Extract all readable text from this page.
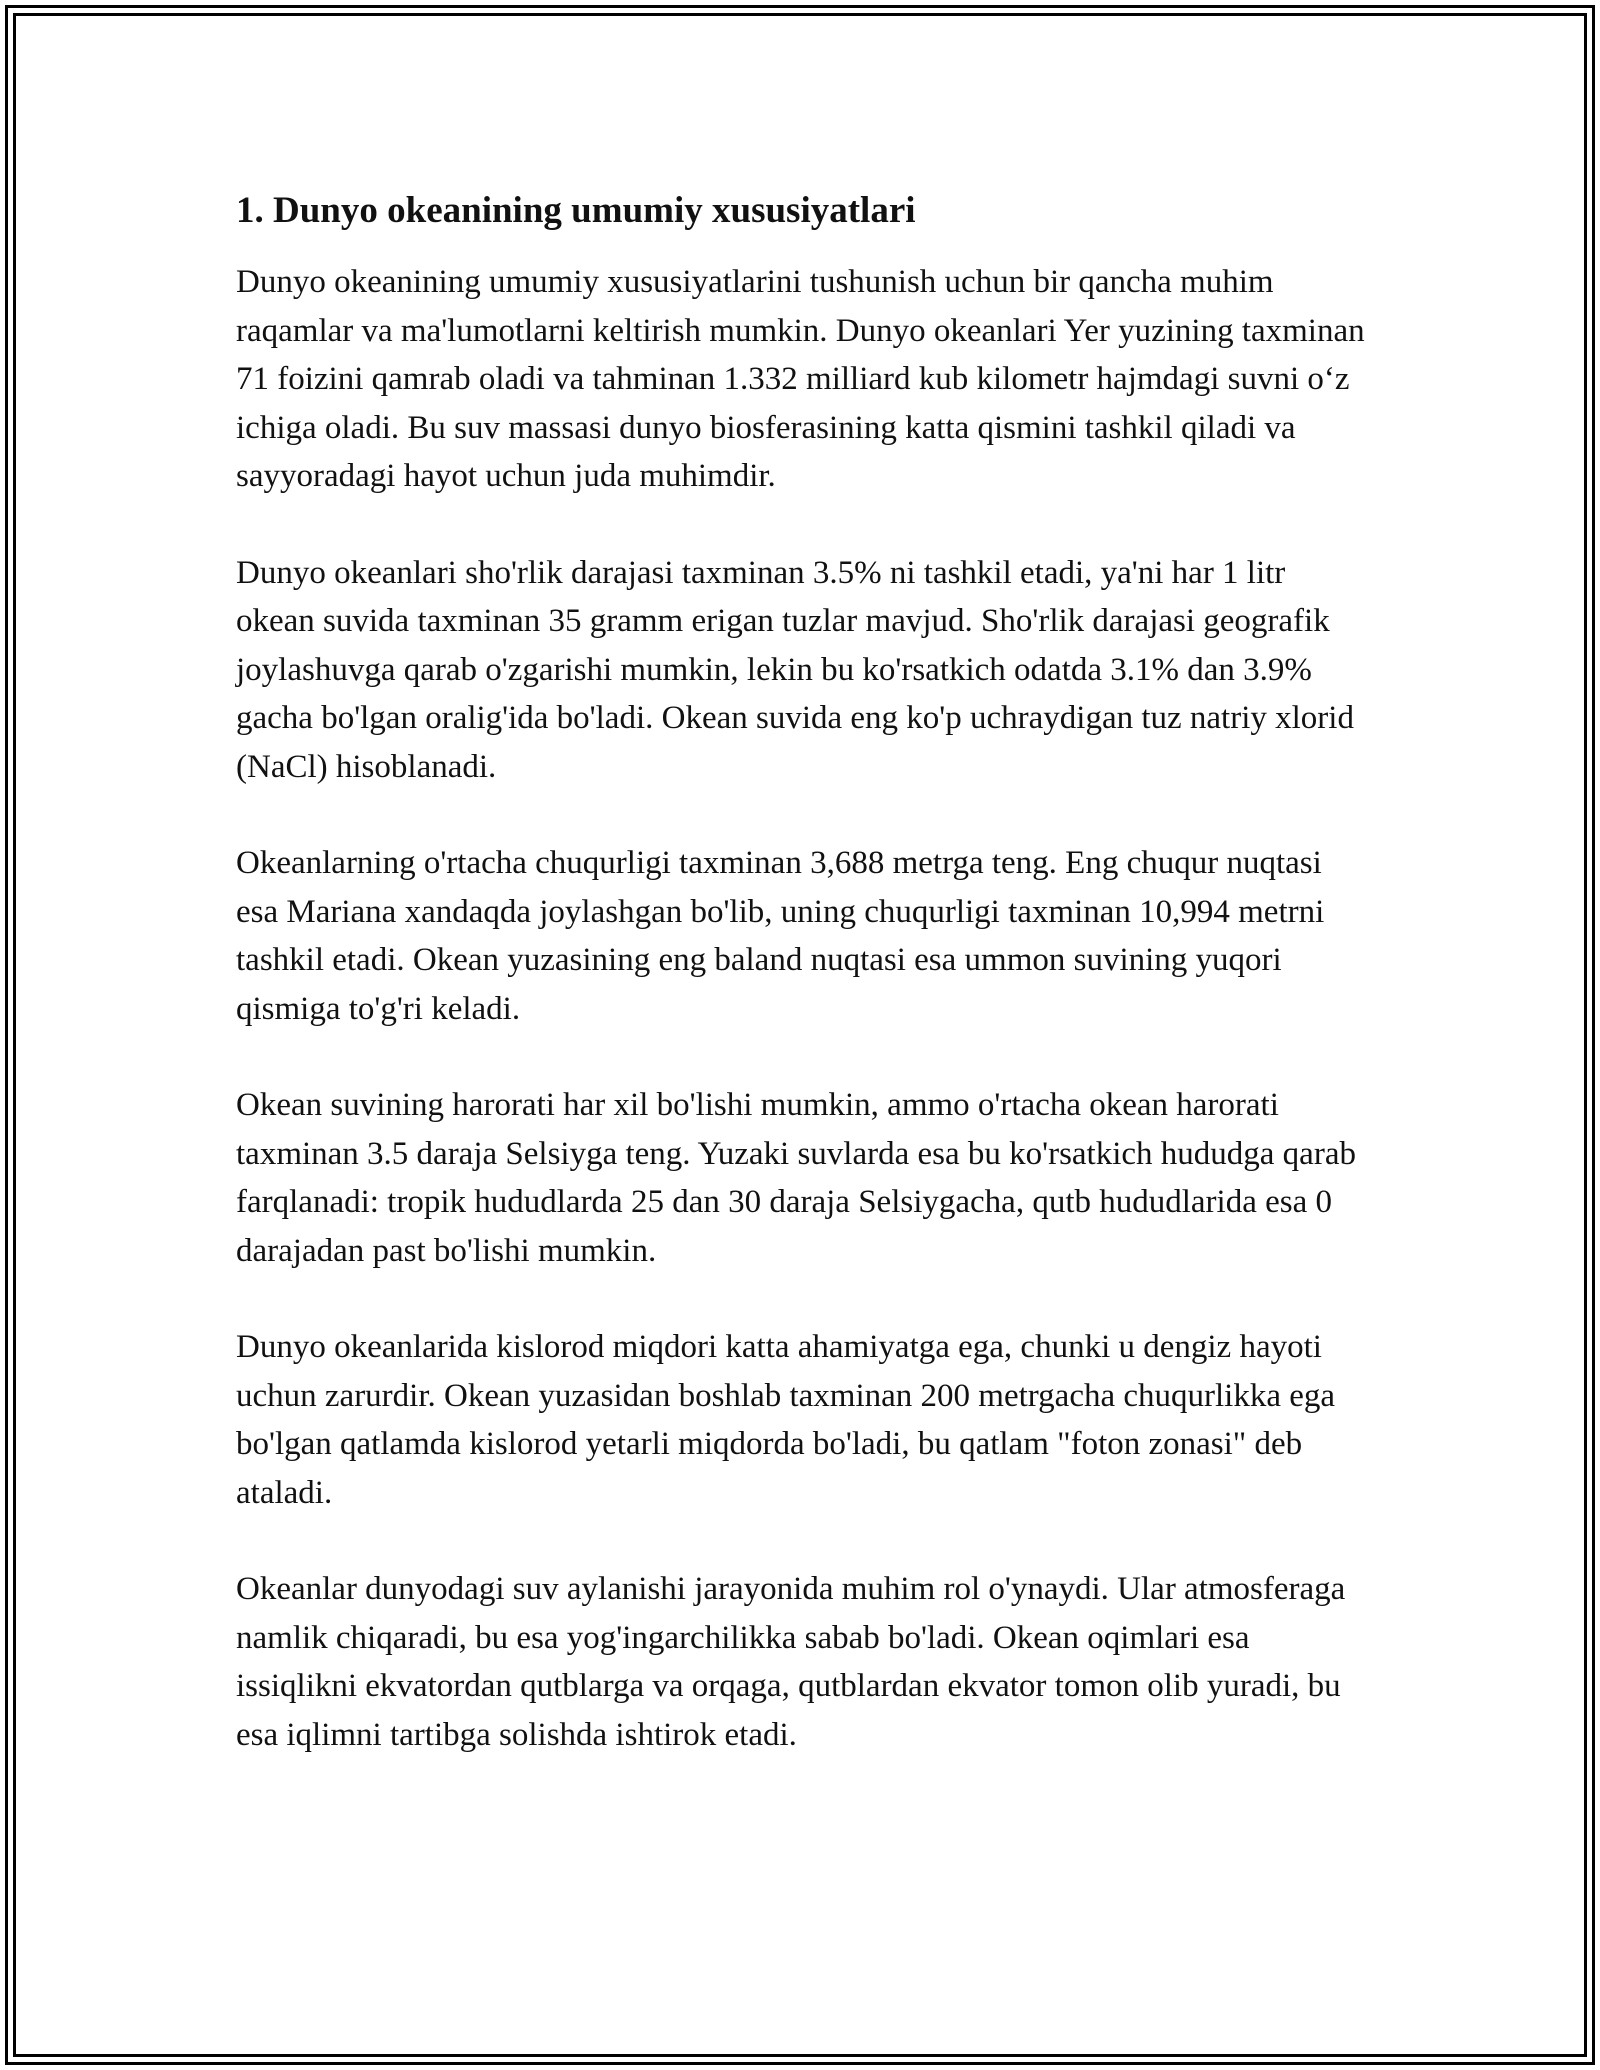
1. Dunyo okeanining umumiy xususiyatlari

Dunyo okeanining umumiy xususiyatlarini tushunish uchun bir qancha muhim raqamlar va ma'lumotlarni keltirish mumkin. Dunyo okeanlari Yer yuzining taxminan 71 foizini qamrab oladi va tahminan 1.332 milliard kub kilometr hajmdagi suvni o‘z ichiga oladi. Bu suv massasi dunyo biosferasining katta qismini tashkil qiladi va sayyoradagi hayot uchun juda muhimdir.

Dunyo okeanlari sho'rlik darajasi taxminan 3.5% ni tashkil etadi, ya'ni har 1 litr okean suvida taxminan 35 gramm erigan tuzlar mavjud. Sho'rlik darajasi geografik joylashuvga qarab o'zgarishi mumkin, lekin bu ko'rsatkich odatda 3.1% dan 3.9% gacha bo'lgan oralig'ida bo'ladi. Okean suvida eng ko'p uchraydigan tuz natriy xlorid (NaCl) hisoblanadi.

Okeanlarning o'rtacha chuqurligi taxminan 3,688 metrga teng. Eng chuqur nuqtasi esa Mariana xandaqda joylashgan bo'lib, uning chuqurligi taxminan 10,994 metrni tashkil etadi. Okean yuzasining eng baland nuqtasi esa ummon suvining yuqori qismiga to'g'ri keladi.

Okean suvining harorati har xil bo'lishi mumkin, ammo o'rtacha okean harorati taxminan 3.5 daraja Selsiyga teng. Yuzaki suvlarda esa bu ko'rsatkich hududga qarab farqlanadi: tropik hududlarda 25 dan 30 daraja Selsiygacha, qutb hududlarida esa 0 darajadan past bo'lishi mumkin.

Dunyo okeanlarida kislorod miqdori katta ahamiyatga ega, chunki u dengiz hayoti uchun zarurdir. Okean yuzasidan boshlab taxminan 200 metrgacha chuqurlikka ega bo'lgan qatlamda kislorod yetarli miqdorda bo'ladi, bu qatlam "foton zonasi" deb ataladi.

Okeanlar dunyodagi suv aylanishi jarayonida muhim rol o'ynaydi. Ular atmosferaga namlik chiqaradi, bu esa yog'ingarchilikka sabab bo'ladi. Okean oqimlari esa issiqlikni ekvatordan qutblarga va orqaga, qutblardan ekvator tomon olib yuradi, bu esa iqlimni tartibga solishda ishtirok etadi.
